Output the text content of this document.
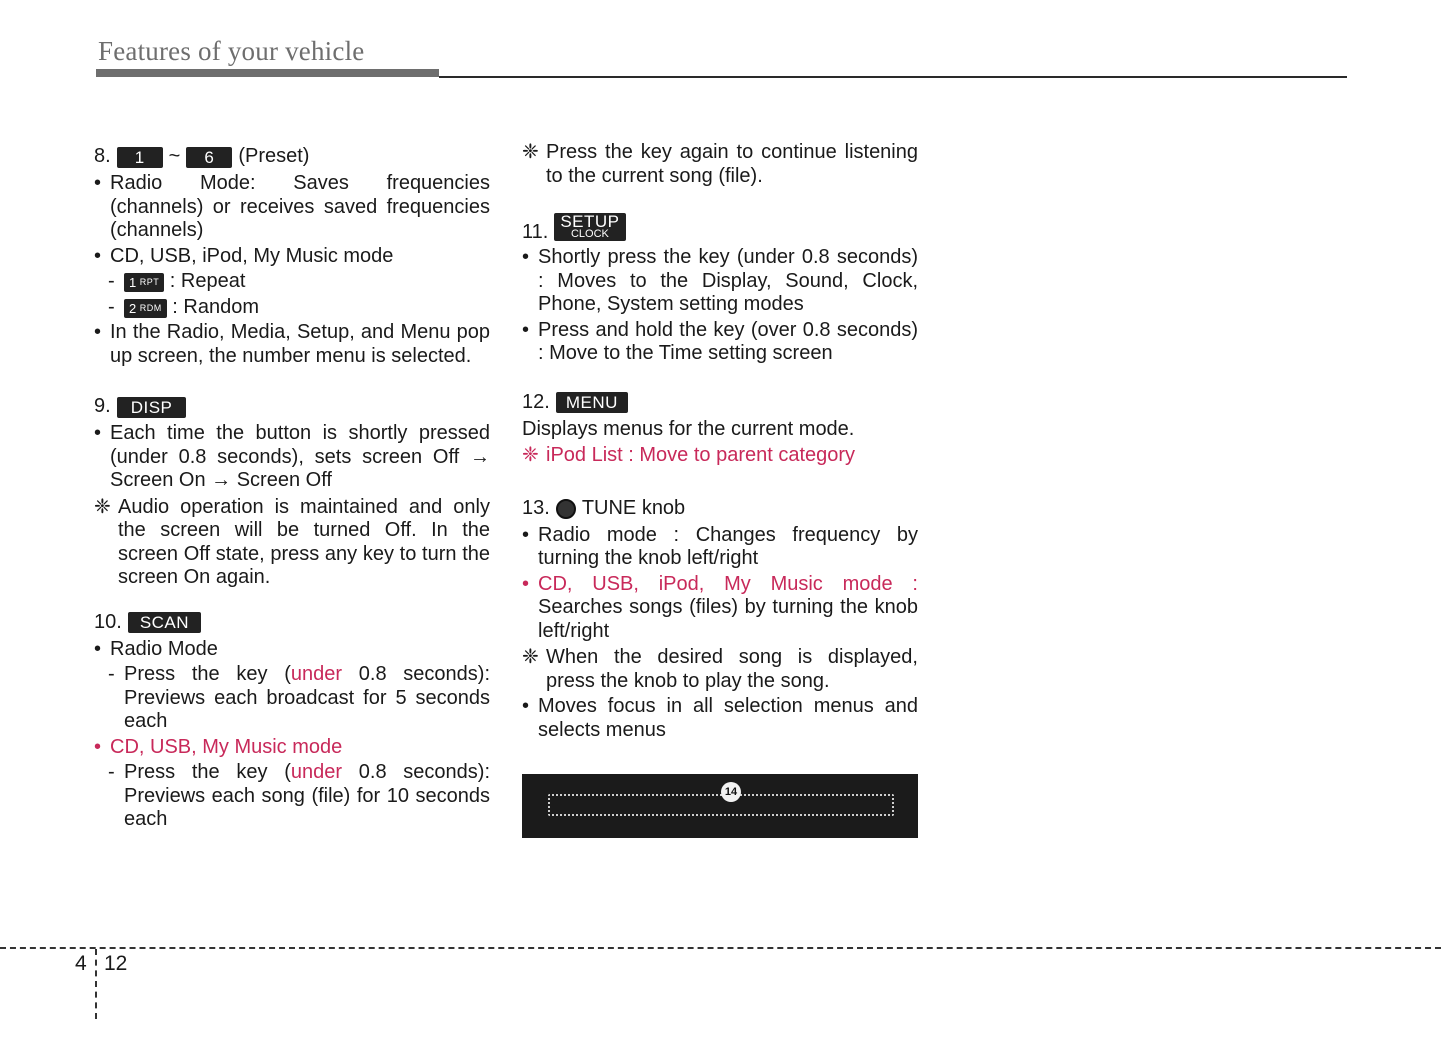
Features of your vehicle
8.	1	~	6	(Preset)

• Radio Mode: Saves frequencies (channels) or receives saved frequencies (channels)

• CD, USB, iPod, My Music mode

- 1 RPT : Repeat

- 2 RDM : Random

• In the Radio, Media, Setup, and Menu pop up screen, the number menu is selected.

9.	DISP

• Each time the button is shortly pressed (under 0.8 seconds), sets screen Off → Screen On → Screen Off

❈ Audio operation is maintained and only the screen will be turned Off. In the screen Off state, press any key to turn the screen On again.

10.	SCAN

• Radio Mode

- Press the key (under 0.8 seconds): Previews each broadcast for 5 seconds each

• CD, USB, My Music mode

- Press the key (under 0.8 seconds): Previews each song (file) for 10 seconds each

❈ Press the key again to continue listening to the current song (file).

11. SETUP
CLOCK

• Shortly press the key (under 0.8 seconds) : Moves to the Display, Sound, Clock, Phone, System setting modes

• Press and hold the key (over 0.8 seconds) : Move to the Time setting screen

12. MENU

Displays menus for the current mode.

❈ iPod List : Move to parent category

13. TUNE knob

• Radio mode : Changes frequency by turning the knob left/right

• CD, USB, iPod, My Music mode : Searches songs (files) by turning the knob left/right

❈ When the desired song is displayed, press the knob to play the song.

• Moves focus in all selection menus and selects menus

14
4 12
